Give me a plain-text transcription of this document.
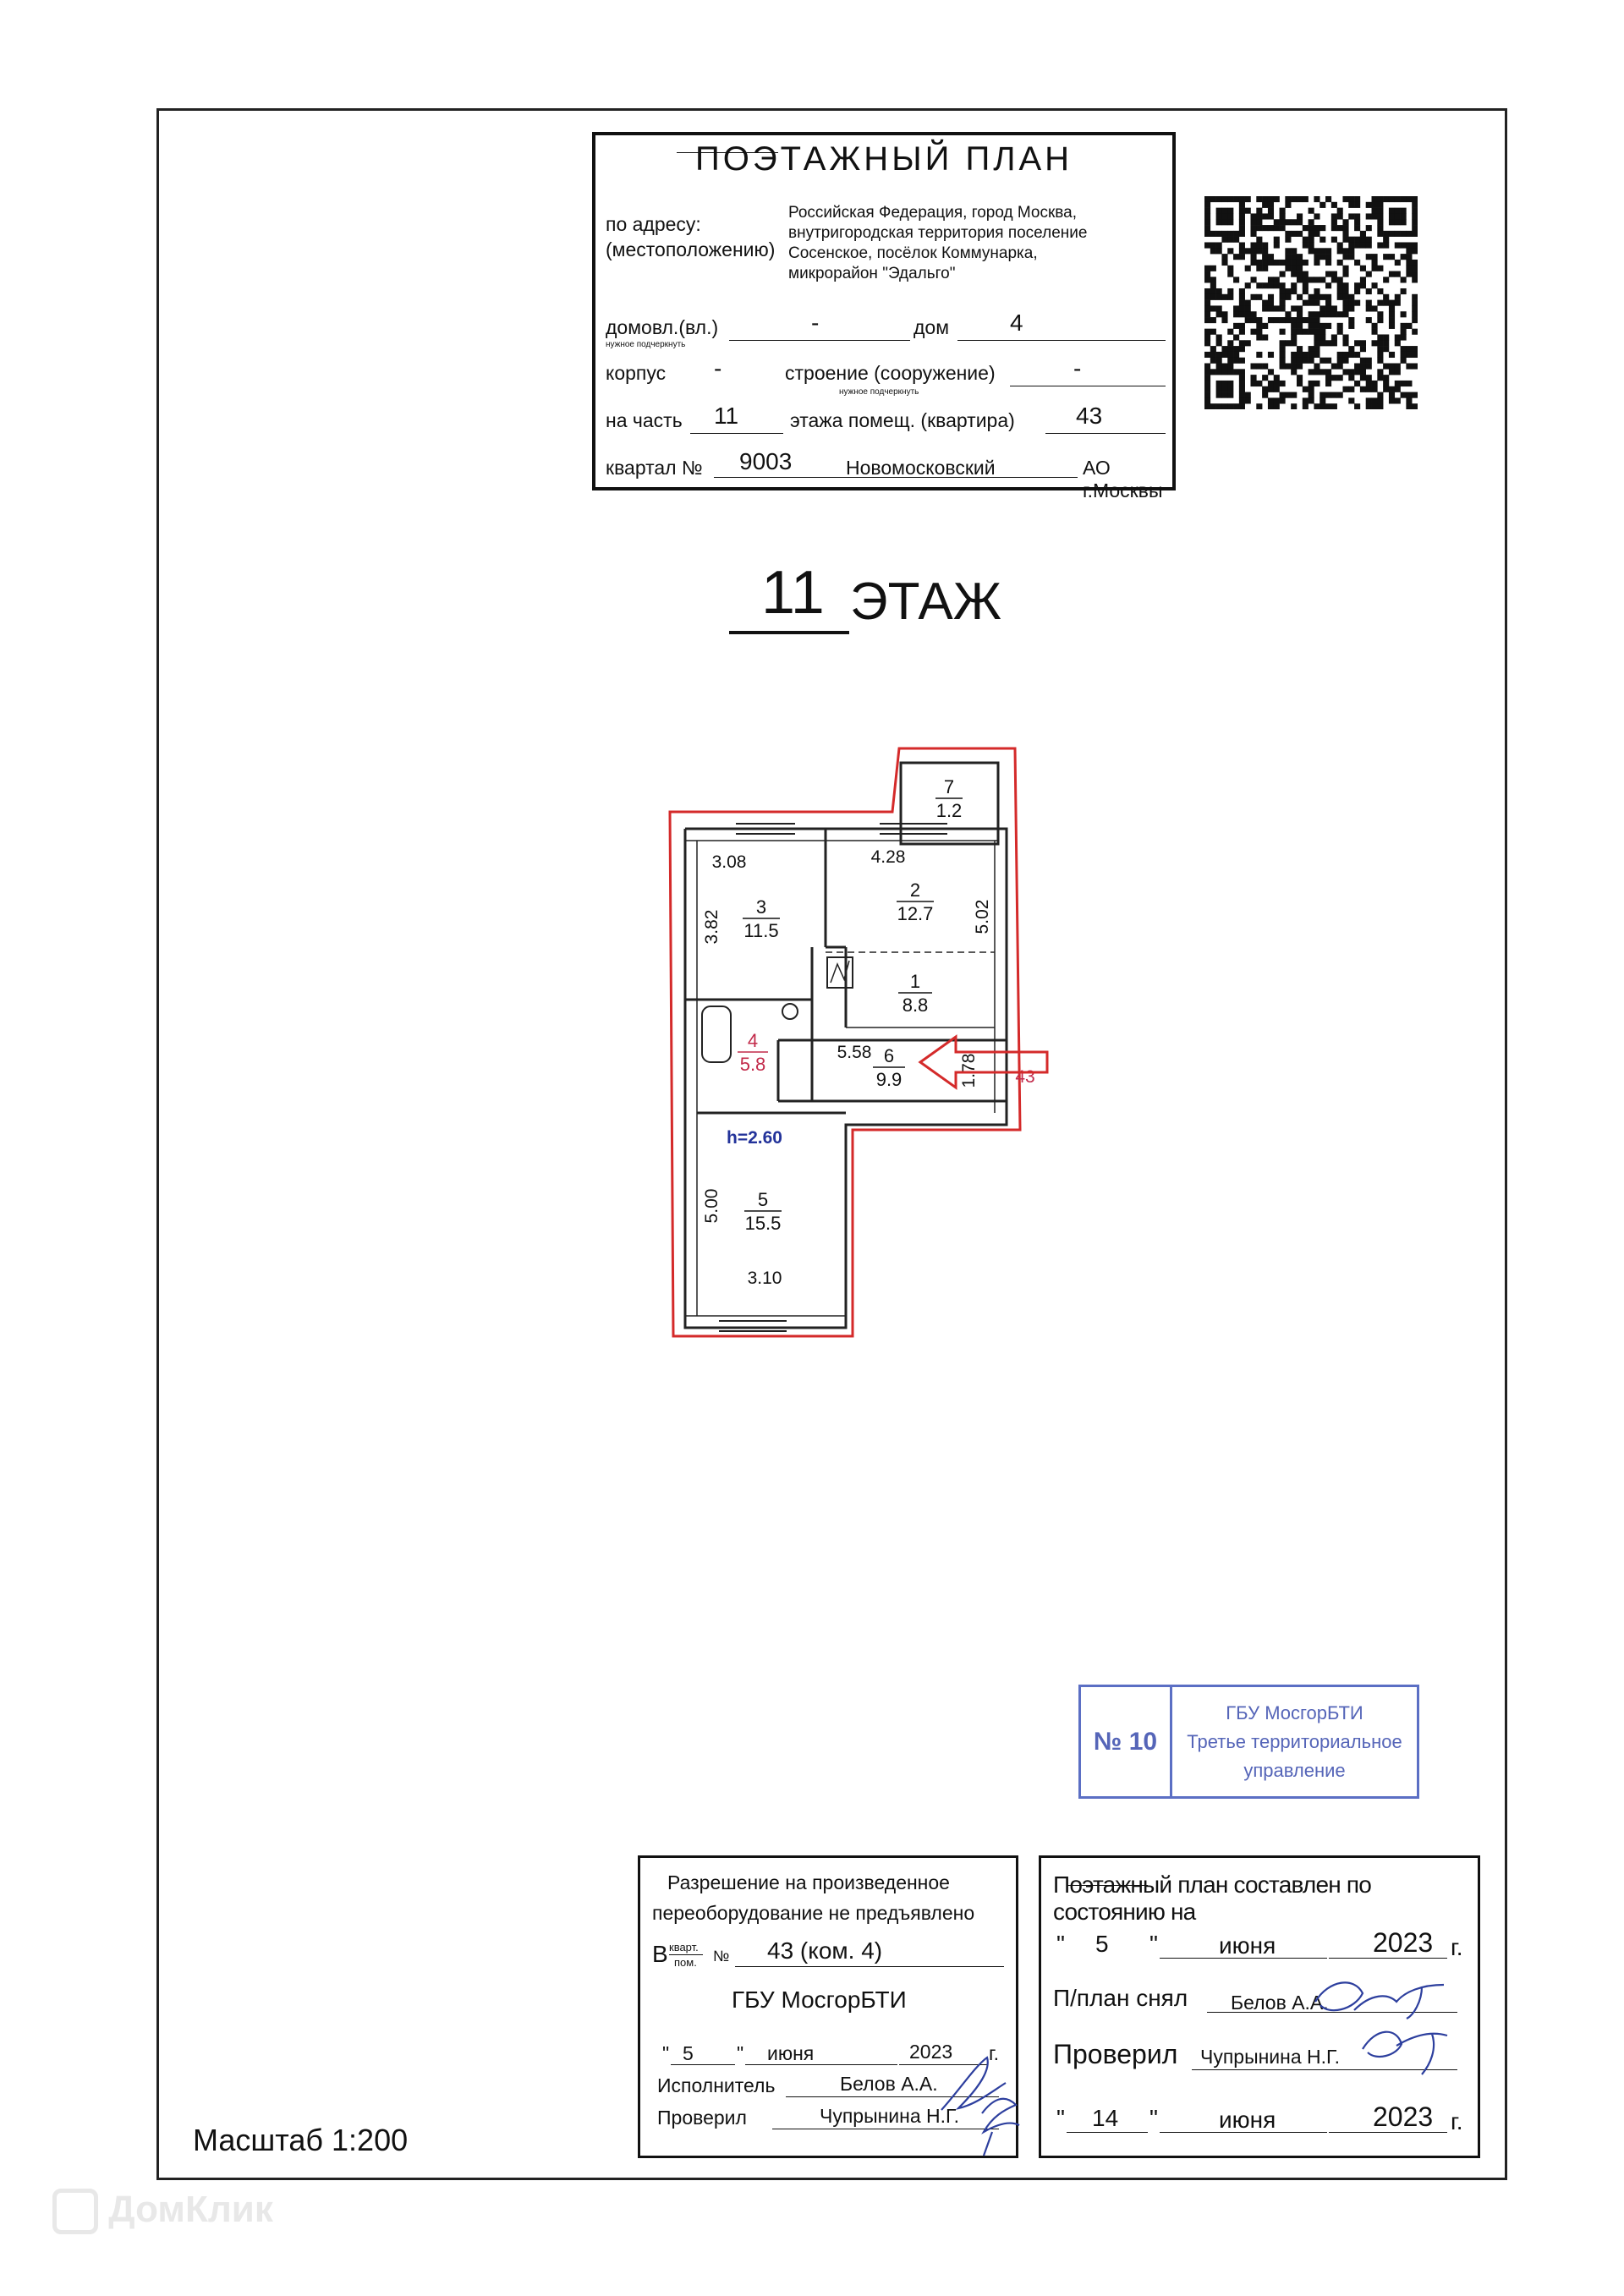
ПОЭТАЖНЫЙ ПЛАН
по адресу:
(местоположению)
Российская Федерация, город Москва,
внутригородская территория поселение
Сосенское, посёлок Коммунарка,
микрорайон "Эдальго"
домовл.(вл.)	-
нужное подчеркнуть
дом	4
корпус -	строение (сооружение)	-
нужное подчеркнуть
на часть 11	этажа помещ. (квартира)	43
квартал № 9003	Новомосковский	АО г.Москвы
11 ЭТАЖ
7
1.2
2
12.7
3
11.5
1
8.8
4
5.8	6
9.9
5
15.5
3.08	4.28
3.82	5.02
5.58
1.78
5.00
3.10
h=2.60
43
№ 10
ГБУ МосгорБТИ
Третье территориальное
управление
Разрешение на произведенное
переоборудование не предъявлено
В кварт.
пом. № 43 (ком. 4)
ГБУ МосгорБТИ
" 5 " июня	2023 г.
Исполнитель	Белов А.А.
Проверил	Чупрынина Н.Г.
Поэтажный план составлен по состоянию на
" 5 "	июня	2023 г.
П/план снял Белов А.А.
Проверил Чупрынина Н.Г.
" 14 "	июня	2023 г.
Масштаб 1:200
ДомКлик
